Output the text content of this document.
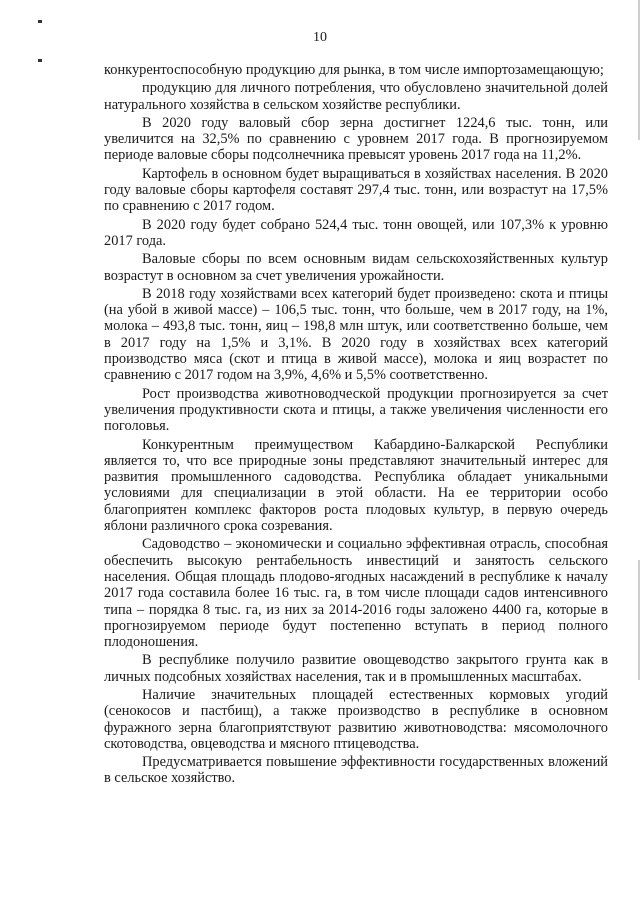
10

конкурентоспособную продукцию для рынка, в том числе импортозамещающую;

продукцию для личного потребления, что обусловлено значительной долей натурального хозяйства в сельском хозяйстве республики.

В 2020 году валовый сбор зерна достигнет 1224,6 тыс. тонн, или увеличится на 32,5% по сравнению с уровнем 2017 года. В прогнозируемом периоде валовые сборы подсолнечника превысят уровень 2017 года на 11,2%.

Картофель в основном будет выращиваться в хозяйствах населения. В 2020 году валовые сборы картофеля составят 297,4 тыс. тонн, или возрастут на 17,5% по сравнению с 2017 годом.

В 2020 году будет собрано 524,4 тыс. тонн овощей, или 107,3% к уровню 2017 года.

Валовые сборы по всем основным видам сельскохозяйственных культур возрастут в основном за счет увеличения урожайности.

В 2018 году хозяйствами всех категорий будет произведено: скота и птицы (на убой в живой массе) – 106,5 тыс. тонн, что больше, чем в 2017 году, на 1%, молока – 493,8 тыс. тонн, яиц – 198,8 млн штук, или соответственно больше, чем в 2017 году на 1,5% и 3,1%. В 2020 году в хозяйствах всех категорий производство мяса (скот и птица в живой массе), молока и яиц возрастет по сравнению с 2017 годом на 3,9%, 4,6% и 5,5% соответственно.

Рост производства животноводческой продукции прогнозируется за счет увеличения продуктивности скота и птицы, а также увеличения численности его поголовья.

Конкурентным преимуществом Кабардино-Балкарской Республики является то, что все природные зоны представляют значительный интерес для развития промышленного садоводства. Республика обладает уникальными условиями для специализации в этой области. На ее территории особо благоприятен комплекс факторов роста плодовых культур, в первую очередь яблони различного срока созревания.

Садоводство – экономически и социально эффективная отрасль, способная обеспечить высокую рентабельность инвестиций и занятость сельского населения. Общая площадь плодово-ягодных насаждений в республике к началу 2017 года составила более 16 тыс. га, в том числе площади садов интенсивного типа – порядка 8 тыс. га, из них за 2014-2016 годы заложено 4400 га, которые в прогнозируемом периоде будут постепенно вступать в период полного плодоношения.

В республике получило развитие овощеводство закрытого грунта как в личных подсобных хозяйствах населения, так и в промышленных масштабах.

Наличие значительных площадей естественных кормовых угодий (сенокосов и пастбищ), а также производство в республике в основном фуражного зерна благоприятствуют развитию животноводства: мясомолочного скотоводства, овцеводства и мясного птицеводства.

Предусматривается повышение эффективности государственных вложений в сельское хозяйство.
